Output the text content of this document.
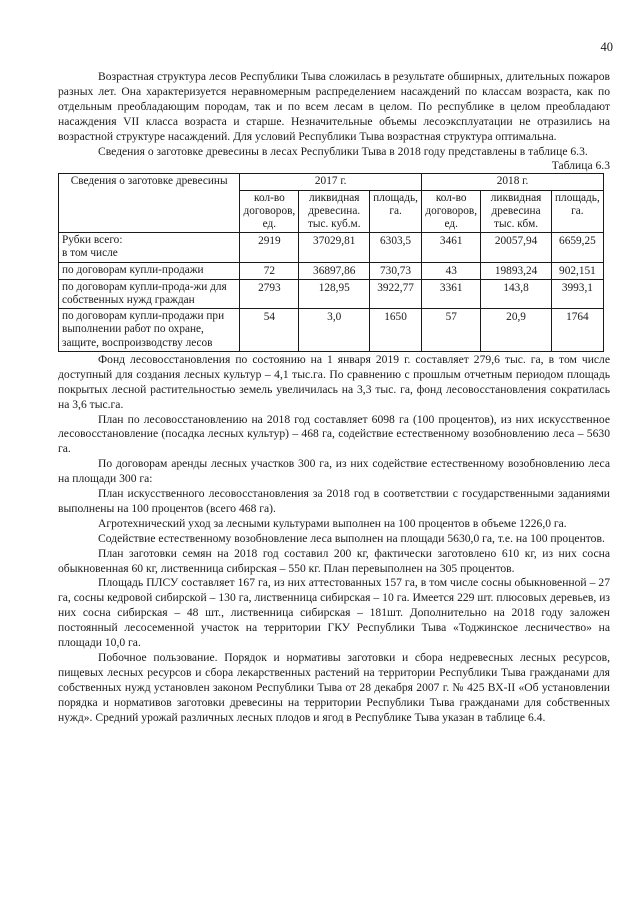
40

Возрастная структура лесов Республики Тыва сложилась в результате обширных, длительных пожаров разных лет. Она характеризуется неравномерным распределением насаждений по классам возраста, как по отдельным преобладающим породам, так и по всем лесам в целом. По республике в целом преобладают насаждения VII класса возраста и старше. Незначительные объемы лесоэксплуатации не отразились на возрастной структуре насаждений. Для условий Республики Тыва возрастная структура оптимальна.

Сведения о заготовке древесины в лесах Республики Тыва в 2018 году представлены в таблице 6.3.

Таблица 6.3
Сведения о заготовке древесины	2017 г.			2018 г.		
	кол-во договоров, ед.	ликвидная древесина. тыс. куб.м.	площадь, га.	кол-во договоров, ед.	ликвидная древесина тыс. кбм.	площадь, га.
Рубки всего:
в том числе	2919	37029,81	6303,5	3461	20057,94	6659,25
по договорам купли-продажи	72	36897,86	730,73	43	19893,24	902,151
по договорам купли-прода-жи для собственных нужд граждан	2793	128,95	3922,77	3361	143,8	3993,1
по договорам купли-продажи при выполнении работ по охране, защите, воспроизводству лесов	54	3,0	1650	57	20,9	1764

Фонд лесовосстановления по состоянию на 1 января 2019 г. составляет 279,6 тыс. га, в том числе доступный для создания лесных культур – 4,1 тыс.га. По сравнению с прошлым отчетным периодом площадь покрытых лесной растительностью земель увеличилась на 3,3 тыс. га, фонд лесовосстановления сократилась на 3,6 тыс.га.

План по лесовосстановлению на 2018 год составляет 6098 га (100 процентов), из них искусственное лесовосстановление (посадка лесных культур) – 468 га, содействие естественному возобновлению леса – 5630 га.

По договорам аренды лесных участков 300 га, из них содействие естественному возобновлению леса на площади 300 га:

План искусственного лесовосстановления за 2018 год в соответствии с государственными заданиями выполнены на 100 процентов (всего 468 га).

Агротехнический уход за лесными культурами выполнен на 100 процентов в объеме 1226,0 га.

Содействие естественному возобновление леса выполнен на площади 5630,0 га, т.е. на 100 процентов.

План заготовки семян на 2018 год составил 200 кг, фактически заготовлено 610 кг, из них сосна обыкновенная 60 кг, лиственница сибирская – 550 кг. План перевыполнен на 305 процентов.

Площадь ПЛСУ составляет 167 га, из них аттестованных 157 га, в том числе сосны обыкновенной – 27 га, сосны кедровой сибирской – 130 га, лиственница сибирская – 10 га. Имеется 229 шт. плюсовых деревьев, из них сосна сибирская – 48 шт., лиственница сибирская – 181шт. Дополнительно на 2018 году заложен постоянный лесосеменной участок на территории ГКУ Республики Тыва «Тоджинское лесничество» на площади 10,0 га.

Побочное пользование. Порядок и нормативы заготовки и сбора недревесных лесных ресурсов, пищевых лесных ресурсов и сбора лекарственных растений на территории Республики Тыва гражданами для собственных нужд установлен законом Республики Тыва от 28 декабря 2007 г. № 425 ВХ-II «Об установлении порядка и нормативов заготовки древесины на территории Республики Тыва гражданами для собственных нужд». Средний урожай различных лесных плодов и ягод в Республике Тыва указан в таблице 6.4.
